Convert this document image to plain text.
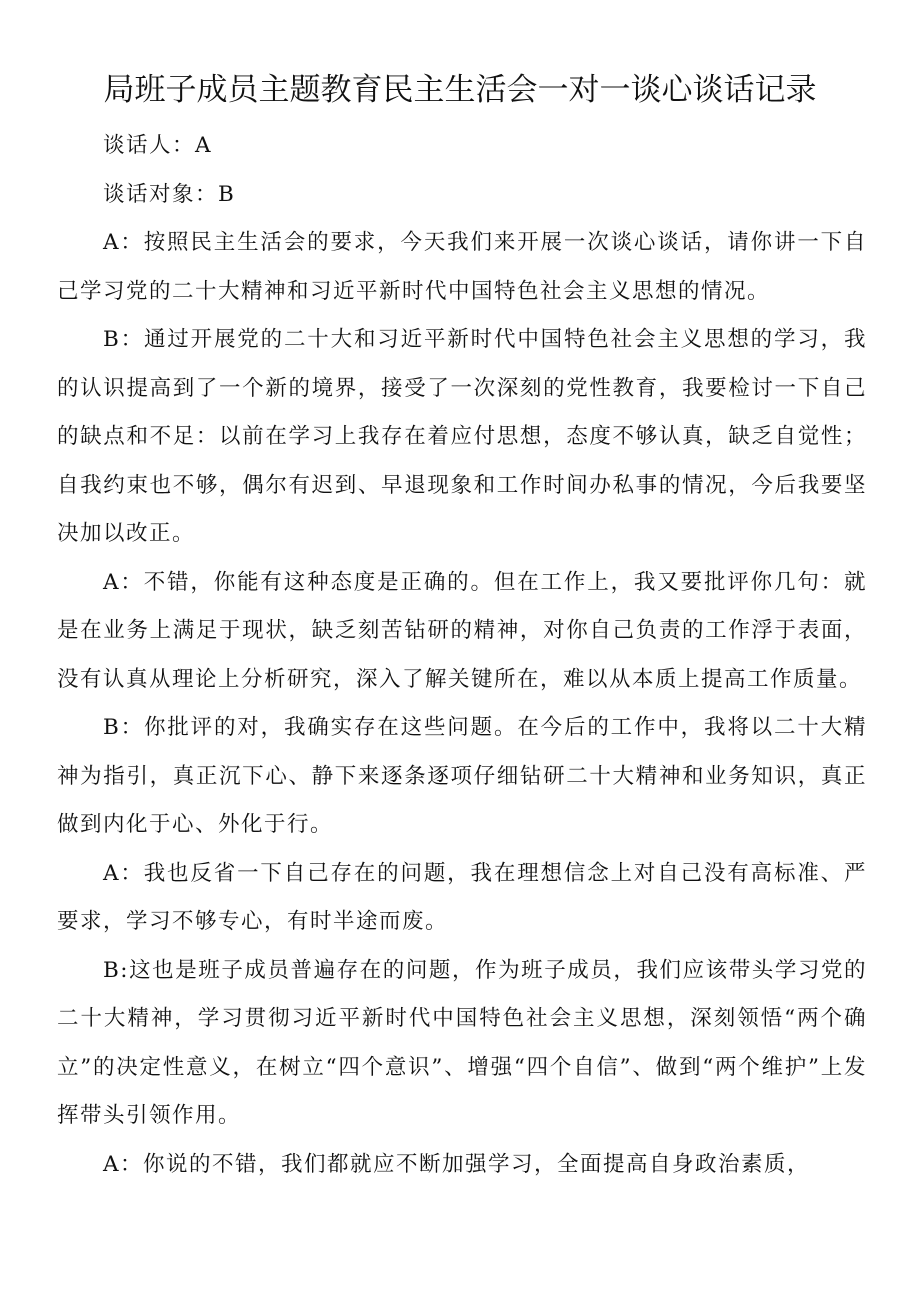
局班子成员主题教育民主生活会一对一谈心谈话记录

谈话人：A

谈话对象：B

A：按照民主生活会的要求，今天我们来开展一次谈心谈话，请你讲一下自己学习党的二十大精神和习近平新时代中国特色社会主义思想的情况。

B：通过开展党的二十大和习近平新时代中国特色社会主义思想的学习，我的认识提高到了一个新的境界，接受了一次深刻的党性教育，我要检讨一下自己的缺点和不足：以前在学习上我存在着应付思想，态度不够认真，缺乏自觉性；自我约束也不够，偶尔有迟到、早退现象和工作时间办私事的情况，今后我要坚决加以改正。

A：不错，你能有这种态度是正确的。但在工作上，我又要批评你几句：就是在业务上满足于现状，缺乏刻苦钻研的精神，对你自己负责的工作浮于表面，没有认真从理论上分析研究，深入了解关键所在，难以从本质上提高工作质量。

B：你批评的对，我确实存在这些问题。在今后的工作中，我将以二十大精神为指引，真正沉下心、静下来逐条逐项仔细钻研二十大精神和业务知识，真正做到内化于心、外化于行。

A：我也反省一下自己存在的问题，我在理想信念上对自己没有高标准、严要求，学习不够专心，有时半途而废。

B:这也是班子成员普遍存在的问题，作为班子成员，我们应该带头学习党的二十大精神，学习贯彻习近平新时代中国特色社会主义思想，深刻领悟“两个确立”的决定性意义，在树立“四个意识”、增强“四个自信”、做到“两个维护”上发挥带头引领作用。

A：你说的不错，我们都就应不断加强学习，全面提高自身政治素质，
